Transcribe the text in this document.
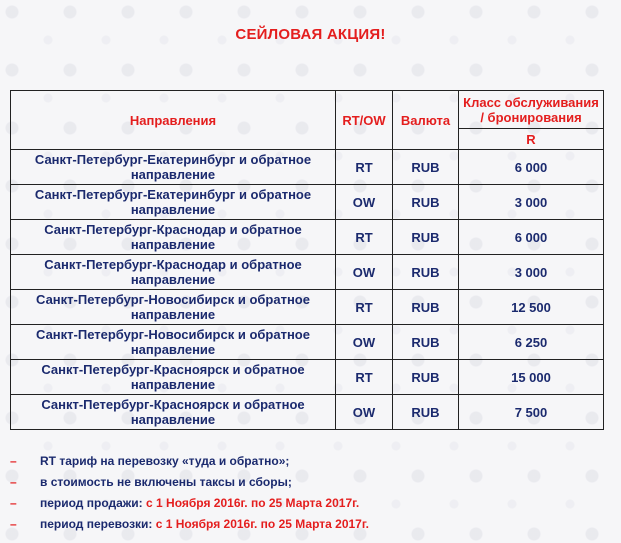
СЕЙЛОВАЯ АКЦИЯ!
Направления	RT/OW	Валюта	Класс обслуживания / бронирования
			R
Санкт-Петербург-Екатеринбург и обратное направление	RT	RUB	6 000
Санкт-Петербург-Екатеринбург и обратное направление	OW	RUB	3 000
Санкт-Петербург-Краснодар и обратное направление	RT	RUB	6 000
Санкт-Петербург-Краснодар и обратное направление	OW	RUB	3 000
Санкт-Петербург-Новосибирск и обратное направление	RT	RUB	12 500
Санкт-Петербург-Новосибирск и обратное направление	OW	RUB	6 250
Санкт-Петербург-Красноярск и обратное направление	RT	RUB	15 000
Санкт-Петербург-Красноярск и обратное направление	OW	RUB	7 500
– RT тариф на перевозку «туда и обратно»;
– в стоимость не включены таксы и сборы;
– период продажи: с 1 Ноября 2016г. по 25 Марта 2017г.
– период перевозки: с 1 Ноября 2016г. по 25 Марта 2017г.
